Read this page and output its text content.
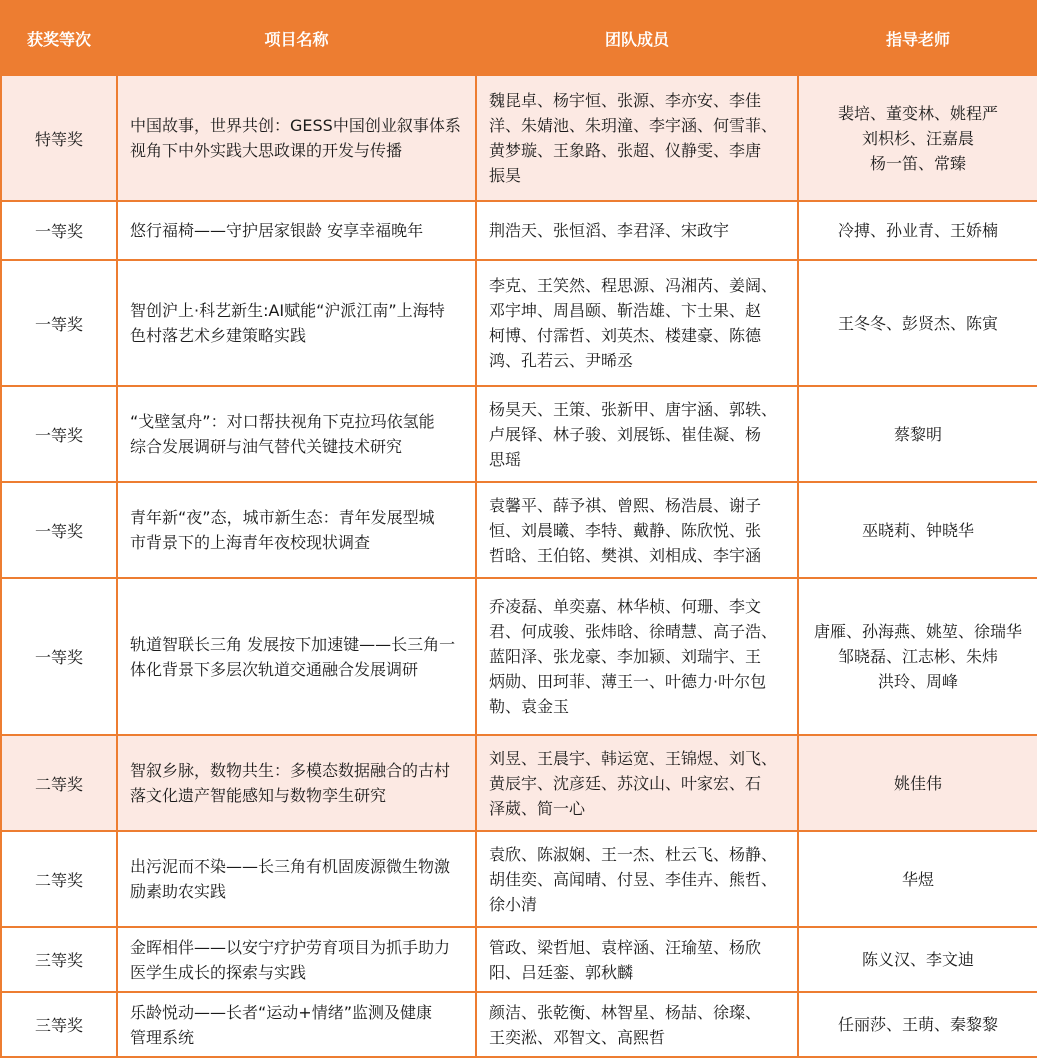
获奖等次	项目名称	团队成员	指导老师
特等奖	中国故事，世界共创：GESS中国创业叙事体系
视角下中外实践大思政课的开发与传播	魏昆卓、杨宇恒、张源、李亦安、李佳
洋、朱婧池、朱玥潼、李宇涵、何雪菲、
黄梦璇、王象路、张超、仪静雯、李唐
振昊	裴培、董变林、姚程严
刘枳杉、汪嘉晨
杨一笛、常臻

一等奖	悠行福椅——守护居家银龄 安享幸福晚年	荆浩天、张恒滔、李君泽、宋政宇	冷搏、孙业青、王娇楠

一等奖	智创沪上·科艺新生:AI赋能“沪派江南”上海特
色村落艺术乡建策略实践	李克、王笑然、程思源、冯湘芮、姜阔、
邓宇坤、周昌颐、靳浩雄、卞士果、赵
柯博、付霈哲、刘英杰、楼建豪、陈德
鸿、孔若云、尹晞丞	王冬冬、彭贤杰、陈寅

一等奖	“戈壁氢舟”：对口帮扶视角下克拉玛依氢能
综合发展调研与油气替代关键技术研究	杨昊天、王策、张新甲、唐宇涵、郭轶、
卢展铎、林子骏、刘展铄、崔佳凝、杨
思瑶	蔡黎明

一等奖	青年新“夜”态，城市新生态：青年发展型城
市背景下的上海青年夜校现状调查	袁馨平、薛予祺、曾熙、杨浩晨、谢子
恒、刘晨曦、李特、戴静、陈欣悦、张
哲晗、王伯铭、樊祺、刘相成、李宇涵	巫晓莉、钟晓华

一等奖	轨道智联长三角 发展按下加速键——长三角一
体化背景下多层次轨道交通融合发展调研	乔凌磊、单奕嘉、林华桢、何珊、李文
君、何成骏、张炜晗、徐晴慧、高子浩、
蓝阳泽、张龙豪、李加颍、刘瑞宇、王
炳勋、田珂菲、薄王一、叶德力·叶尔包
勒、袁金玉	唐雁、孙海燕、姚堃、徐瑞华
邹晓磊、江志彬、朱炜
洪玲、周峰

二等奖	智叙乡脉，数物共生：多模态数据融合的古村
落文化遗产智能感知与数物孪生研究	刘昱、王晨宇、韩运宽、王锦煜、刘飞、
黄辰宇、沈彦廷、苏汶山、叶家宏、石
泽葳、简一心	姚佳伟

二等奖	出污泥而不染——长三角有机固废源微生物激
励素助农实践	袁欣、陈淑娴、王一杰、杜云飞、杨静、
胡佳奕、高闻晴、付昱、李佳卉、熊哲、
徐小清	华煜

三等奖	金晖相伴——以安宁疗护劳育项目为抓手助力
医学生成长的探索与实践	管政、梁哲旭、袁梓涵、汪瑜堃、杨欣
阳、吕廷銮、郭秋麟	陈义汉、李文迪

三等奖	乐龄悦动——长者“运动+情绪”监测及健康
管理系统	颜洁、张乾衡、林智星、杨喆、徐璨、
王奕淞、邓智文、高熙哲	任丽莎、王萌、秦黎黎
